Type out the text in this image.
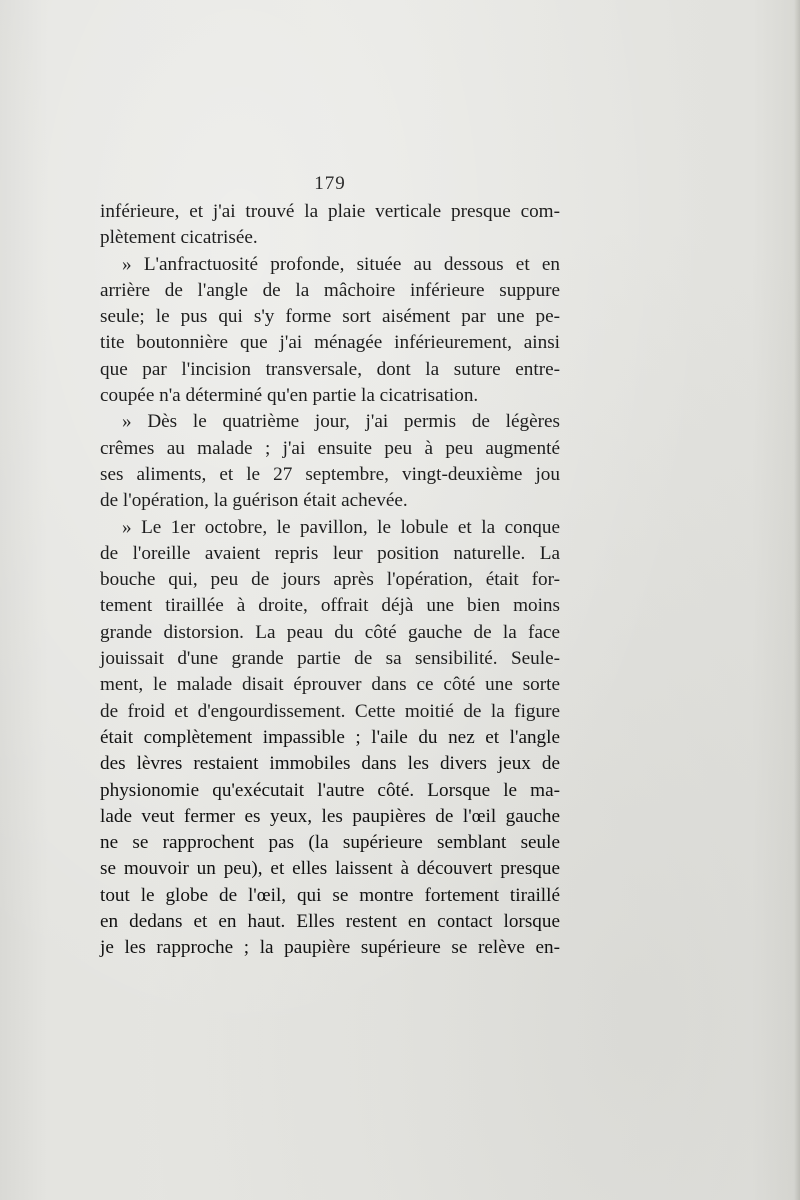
179
inférieure, et j'ai trouvé la plaie verticale presque com-
plètement cicatrisée.
» L'anfractuosité profonde, située au dessous et en
arrière de l'angle de la mâchoire inférieure suppure
seule; le pus qui s'y forme sort aisément par une pe-
tite boutonnière que j'ai ménagée inférieurement, ainsi
que par l'incision transversale, dont la suture entre-
coupée n'a déterminé qu'en partie la cicatrisation.
» Dès le quatrième jour, j'ai permis de légères
crêmes au malade ; j'ai ensuite peu à peu augmenté
ses aliments, et le 27 septembre, vingt-deuxième jou
de l'opération, la guérison était achevée.
» Le 1er octobre, le pavillon, le lobule et la conque
de l'oreille avaient repris leur position naturelle. La
bouche qui, peu de jours après l'opération, était for-
tement tiraillée à droite, offrait déjà une bien moins
grande distorsion. La peau du côté gauche de la face
jouissait d'une grande partie de sa sensibilité. Seule-
ment, le malade disait éprouver dans ce côté une sorte
de froid et d'engourdissement. Cette moitié de la figure
était complètement impassible ; l'aile du nez et l'angle
des lèvres restaient immobiles dans les divers jeux de
physionomie qu'exécutait l'autre côté. Lorsque le ma-
lade veut fermer es yeux, les paupières de l'œil gauche
ne se rapprochent pas (la supérieure semblant seule
se mouvoir un peu), et elles laissent à découvert presque
tout le globe de l'œil, qui se montre fortement tiraillé
en dedans et en haut. Elles restent en contact lorsque
je les rapproche ; la paupière supérieure se relève en-
